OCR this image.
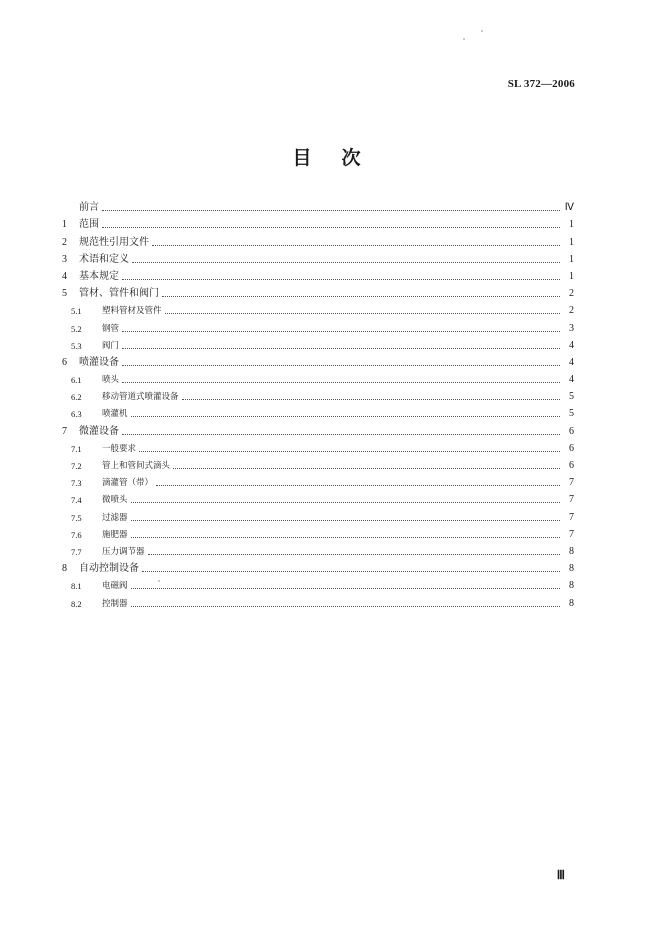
SL 372—2006
目 次
前言	Ⅳ
1	范围	1
2	规范性引用文件	1
3	术语和定义	1
4	基本规定	1
5	管材、管件和阀门	2
5.1	塑料管材及管件	2
5.2	钢管	3
5.3	阀门	4
6	喷灌设备	4
6.1	喷头	4
6.2	移动管道式喷灌设备	5
6.3	喷灌机	5
7	微灌设备	6
7.1	一般要求	6
7.2	管上和管间式滴头	6
7.3	滴灌管（带）	7
7.4	微喷头	7
7.5	过滤器	7
7.6	施肥器	7
7.7	压力调节器	8
8	自动控制设备	8
8.1	电磁阀	8
8.2	控制器	8
Ⅲ
